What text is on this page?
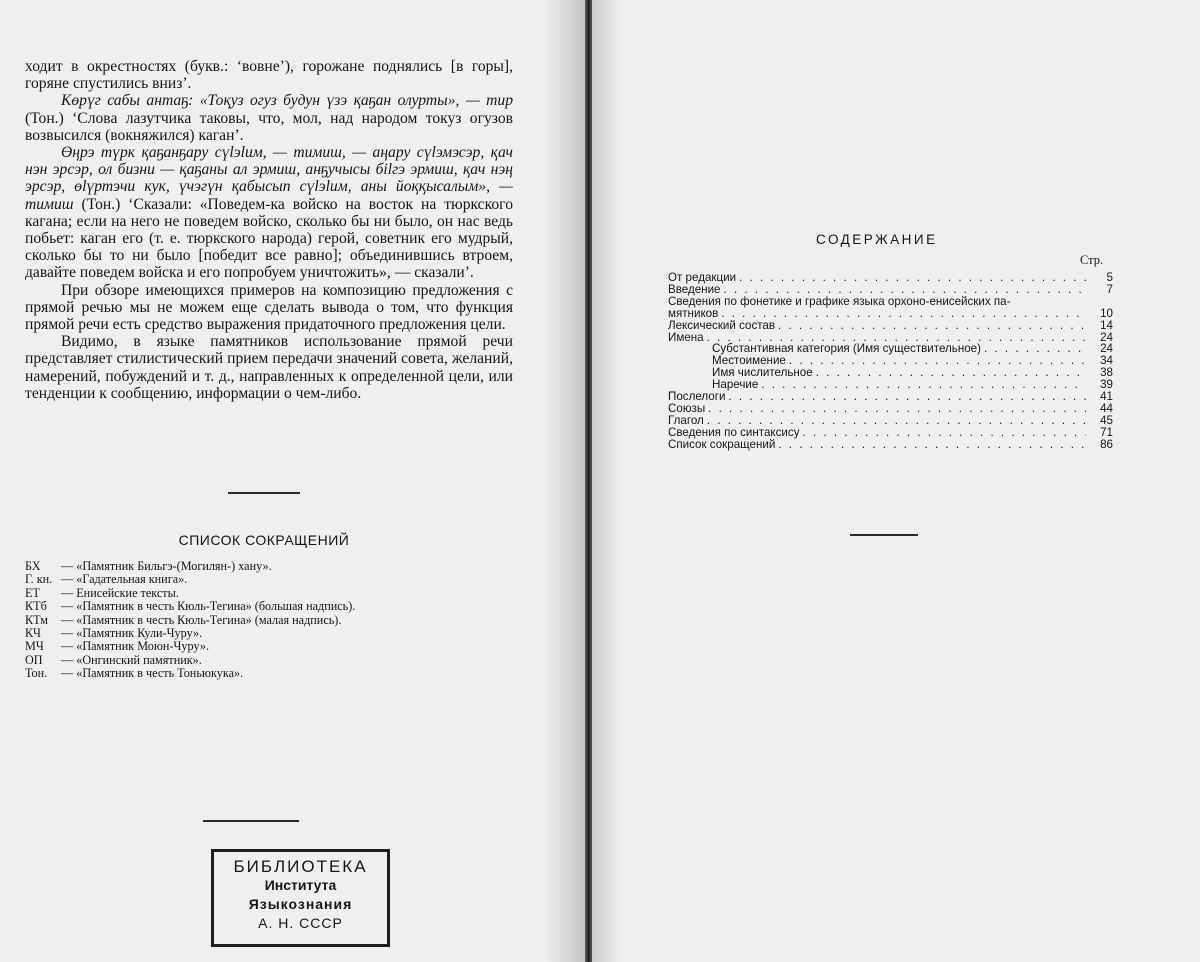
ходит в окрестностях (букв.: ‘вовне’), горожане поднялись [в горы], горяне спустились вниз’.

Көрүг сабы антаҕ: «Тоқуз огуз будун үзэ қаҕан олурты», — тир (Тон.) ‘Слова лазутчика таковы, что, мол, над народом токуз огузов возвысился (вокняжился) каган’.

Өңрэ түрк қаҕанҕару сүlэlим, — тимиш, — аңару сүlэмэсэр, қач нэн эрсэр, ол бизни — қаҕаны ал эрмиш, анҕучысы бilгэ эрмиш, қач нэң эрсэр, өlүртэчи кук, үчэгүн қабысып сүlэlим, аны йоққысалым», — тимиш (Тон.) ‘Сказали: «Поведем-ка войско на восток на тюркского кагана; если на него не поведем войско, сколько бы ни было, он нас ведь побьет: каган его (т. е. тюркского народа) герой, советник его мудрый, сколько бы то ни было [победит все равно]; объединившись втроем, давайте поведем войска и его попробуем уничтожить», — сказали’.

При обзоре имеющихся примеров на композицию предложения с прямой речью мы не можем еще сделать вывода о том, что функция прямой речи есть средство выражения придаточного предложения цели.

Видимо, в языке памятников использование прямой речи представляет стилистический прием передачи значений совета, желаний, намерений, побуждений и т. д., направленных к определенной цели, или тенденции к сообщению, информации о чем-либо.

СПИСОК СОКРАЩЕНИЙ
БХ	— «Памятник Бильгэ-(Могилян-) хану».
Г. кн. — «Гадательная книга».
ЕТ	— Енисейские тексты.
КТб	— «Памятник в честь Кюль-Тегина» (большая надпись).
КТм	— «Памятник в честь Кюль-Тегина» (малая надпись).
КЧ	— «Памятник Кули-Чуру».
МЧ	— «Памятник Моюн-Чуру».
ОП	— «Онгинский памятник».
Тон.	— «Памятник в честь Тоньюкука».
БИБЛИОТЕКА
Института
Языкознания
А. Н. СССР
СОДЕРЖАНИЕ
Стр.
От редакции . . .	5
Введение . . .	7
Сведения по фонетике и графике языка орхоно-енисейских па-
мятников . . .	10
Лексический состав . . .	14
Имена . . .	24
Субстантивная категория (Имя существительное) . . .	24
Местоимение . . .	34
Имя числительное . . .	38
Наречие . . .	39
Послелоги . . .	41
Союзы . . .	44
Глагол . . .	45
Сведения по синтаксису . . .	71
Список сокращений . . .	86
